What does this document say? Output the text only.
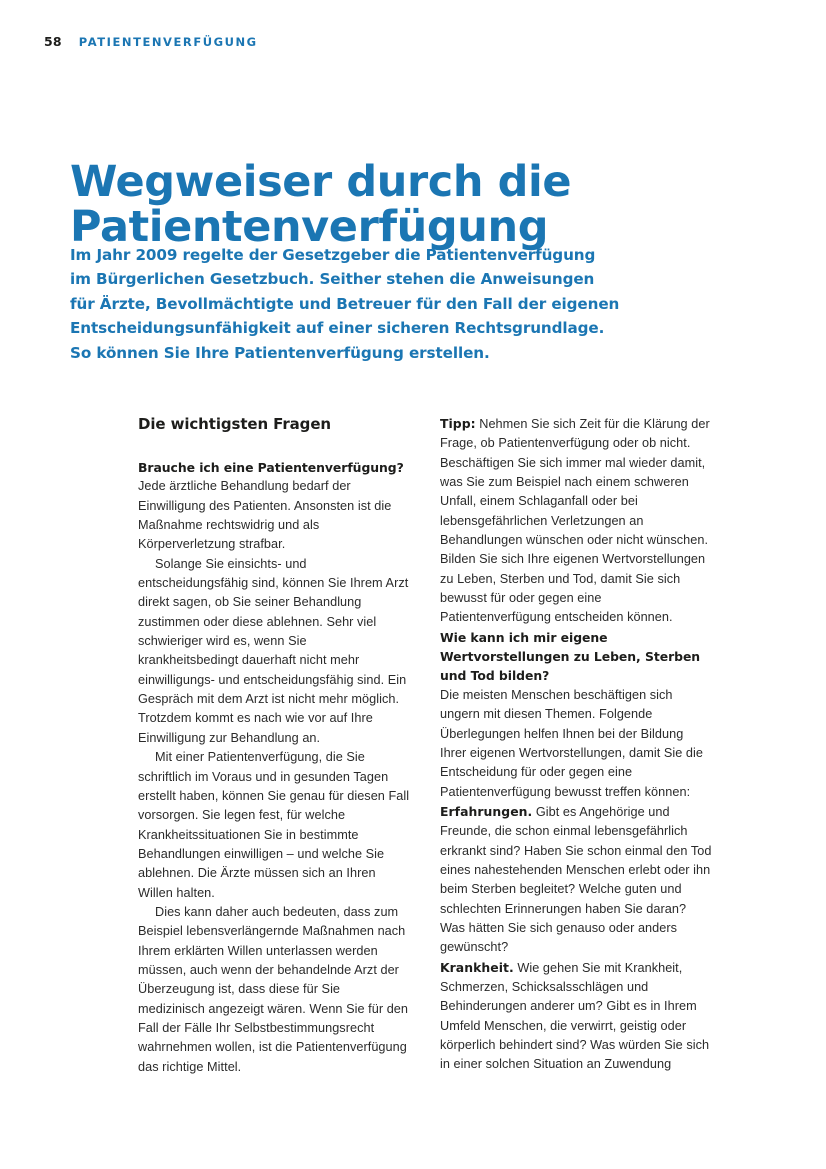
58 PATIENTENVERFÜGUNG
Wegweiser durch die
Patientenverfügung
Im Jahr 2009 regelte der Gesetzgeber die Patientenverfügung
im Bürgerlichen Gesetzbuch. Seither stehen die Anweisungen
für Ärzte, Bevollmächtigte und Betreuer für den Fall der eigenen
Entscheidungsunfähigkeit auf einer sicheren Rechtsgrundlage.
So können Sie Ihre Patientenverfügung erstellen.
Die wichtigsten Fragen

Brauche ich eine Patientenverfügung?

Jede ärztliche Behandlung bedarf der Einwilligung des Patienten. Ansonsten ist die Maßnahme rechtswidrig und als Körperverletzung strafbar.

Solange Sie einsichts- und entscheidungsfähig sind, können Sie Ihrem Arzt direkt sagen, ob Sie seiner Behandlung zustimmen oder diese ablehnen. Sehr viel schwieriger wird es, wenn Sie krankheitsbedingt dauerhaft nicht mehr einwilligungs- und entscheidungsfähig sind. Ein Gespräch mit dem Arzt ist nicht mehr möglich. Trotzdem kommt es nach wie vor auf Ihre Einwilligung zur Behandlung an.

Mit einer Patientenverfügung, die Sie schriftlich im Voraus und in gesunden Tagen erstellt haben, können Sie genau für diesen Fall vorsorgen. Sie legen fest, für welche Krankheitssituationen Sie in bestimmte Behandlungen einwilligen – und welche Sie ablehnen. Die Ärzte müssen sich an Ihren Willen halten.

Dies kann daher auch bedeuten, dass zum Beispiel lebensverlängernde Maßnahmen nach Ihrem erklärten Willen unterlassen werden müssen, auch wenn der behandelnde Arzt der Überzeugung ist, dass diese für Sie medizinisch angezeigt wären. Wenn Sie für den Fall der Fälle Ihr Selbstbestimmungsrecht wahrnehmen wollen, ist die Patientenverfügung das richtige Mittel.

Tipp: Nehmen Sie sich Zeit für die Klärung der Frage, ob Patientenverfügung oder ob nicht. Beschäftigen Sie sich immer mal wieder damit, was Sie zum Beispiel nach einem schweren Unfall, einem Schlaganfall oder bei lebensgefährlichen Verletzungen an Behandlungen wünschen oder nicht wünschen. Bilden Sie sich Ihre eigenen Wertvorstellungen zu Leben, Sterben und Tod, damit Sie sich bewusst für oder gegen eine Patientenverfügung entscheiden können.

Wie kann ich mir eigene Wertvorstellungen zu Leben, Sterben und Tod bilden?

Die meisten Menschen beschäftigen sich ungern mit diesen Themen. Folgende Überlegungen helfen Ihnen bei der Bildung Ihrer eigenen Wertvorstellungen, damit Sie die Entscheidung für oder gegen eine Patientenverfügung bewusst treffen können:

Erfahrungen. Gibt es Angehörige und Freunde, die schon einmal lebensgefährlich erkrankt sind? Haben Sie schon einmal den Tod eines nahestehenden Menschen erlebt oder ihn beim Sterben begleitet? Welche guten und schlechten Erinnerungen haben Sie daran? Was hätten Sie sich genauso oder anders gewünscht?

Krankheit. Wie gehen Sie mit Krankheit, Schmerzen, Schicksalsschlägen und Behinderungen anderer um? Gibt es in Ihrem Umfeld Menschen, die verwirrt, geistig oder körperlich behindert sind? Was würden Sie sich in einer solchen Situation an Zuwendung
